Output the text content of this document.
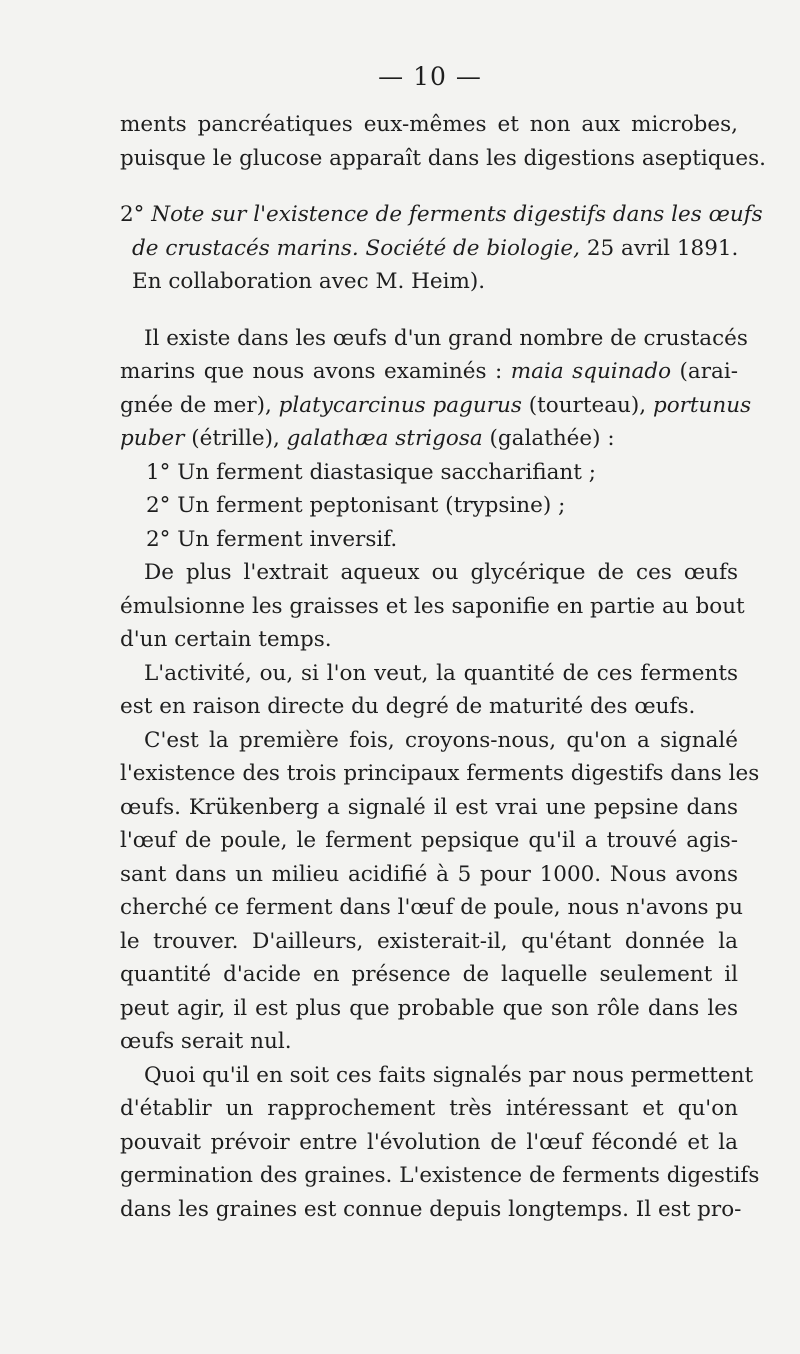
— 10 —
ments pancréatiques eux-mêmes et non aux microbes,
puisque le glucose apparaît dans les digestions aseptiques.
2° Note sur l'existence de ferments digestifs dans les œufs
de crustacés marins. Société de biologie, 25 avril 1891.
En collaboration avec M. Heim).
Il existe dans les œufs d'un grand nombre de crustacés
marins que nous avons examinés : maia squinado (arai-
gnée de mer), platycarcinus pagurus (tourteau), portunus
puber (étrille), galathæa strigosa (galathée) :
1° Un ferment diastasique saccharifiant ;
2° Un ferment peptonisant (trypsine) ;
2° Un ferment inversif.
De plus l'extrait aqueux ou glycérique de ces œufs
émulsionne les graisses et les saponifie en partie au bout
d'un certain temps.
L'activité, ou, si l'on veut, la quantité de ces ferments
est en raison directe du degré de maturité des œufs.
C'est la première fois, croyons-nous, qu'on a signalé
l'existence des trois principaux ferments digestifs dans les
œufs. Krükenberg a signalé il est vrai une pepsine dans
l'œuf de poule, le ferment pepsique qu'il a trouvé agis-
sant dans un milieu acidifié à 5 pour 1000. Nous avons
cherché ce ferment dans l'œuf de poule, nous n'avons pu
le trouver. D'ailleurs, existerait-il, qu'étant donnée la
quantité d'acide en présence de laquelle seulement il
peut agir, il est plus que probable que son rôle dans les
œufs serait nul.
Quoi qu'il en soit ces faits signalés par nous permettent
d'établir un rapprochement très intéressant et qu'on
pouvait prévoir entre l'évolution de l'œuf fécondé et la
germination des graines. L'existence de ferments digestifs
dans les graines est connue depuis longtemps. Il est pro-
